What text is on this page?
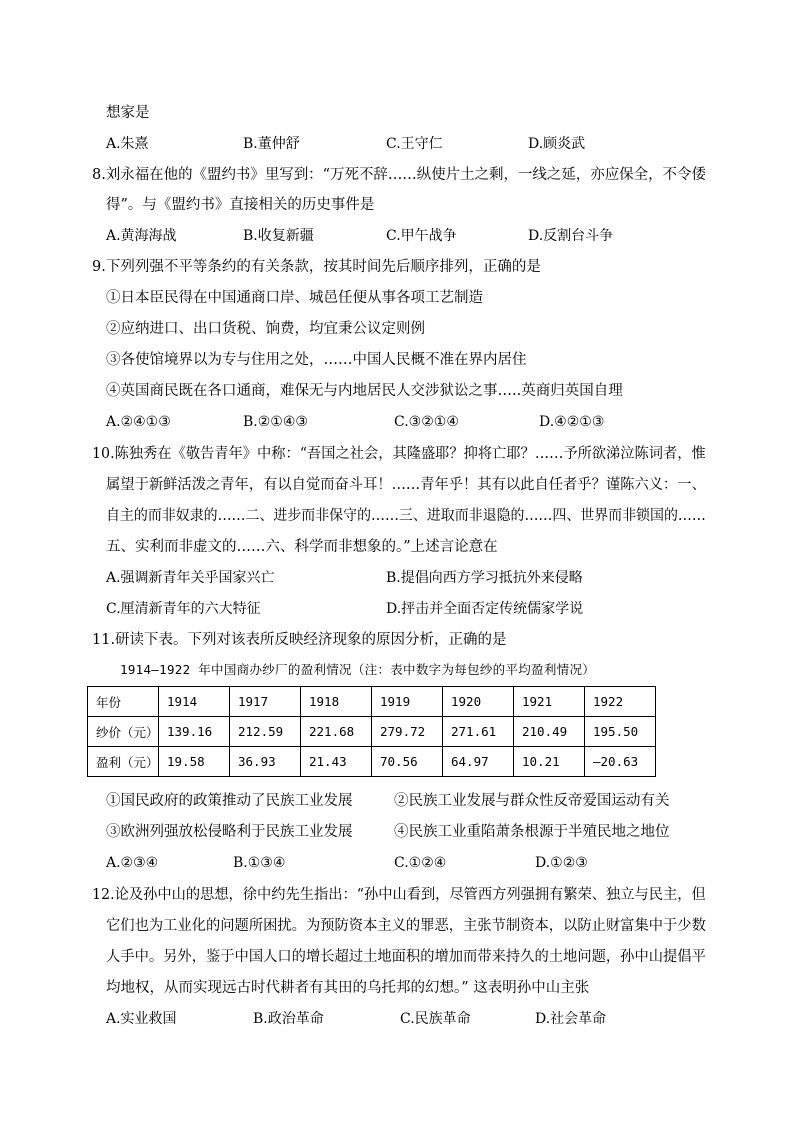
想家是
A.朱熹	B.董仲舒	C.王守仁	D.顾炎武
8.刘永福在他的《盟约书》里写到：“万死不辞……纵使片土之剩，一线之延，亦应保全，不令倭
得”。与《盟约书》直接相关的历史事件是
A.黄海海战	B.收复新疆	C.甲午战争	D.反割台斗争
9.下列列强不平等条约的有关条款，按其时间先后顺序排列，正确的是
①日本臣民得在中国通商口岸、城邑任便从事各项工艺制造
②应纳进口、出口货税、饷费，均宜秉公议定则例
③各使馆境界以为专与住用之处，……中国人民概不准在界内居住
④英国商民既在各口通商，难保无与内地居民人交涉狱讼之事…..英商归英国自理
A.②④①③	B.②①④③	C.③②①④	D.④②①③
10.陈独秀在《敬告青年》中称：“吾国之社会，其隆盛耶？抑将亡耶？……予所欲涕泣陈词者，惟
属望于新鲜活泼之青年，有以自觉而奋斗耳！……青年乎！其有以此自任者乎？谨陈六义：一、
自主的而非奴隶的……二、进步而非保守的……三、进取而非退隐的……四、世界而非锁国的……
五、实利而非虚文的……六、科学而非想象的。”上述言论意在
A.强调新青年关乎国家兴亡	B.提倡向西方学习抵抗外来侵略
C.厘清新青年的六大特征	D.抨击并全面否定传统儒家学说
11.研读下表。下列对该表所反映经济现象的原因分析，正确的是
1914—1922 年中国商办纱厂的盈利情况（注：表中数字为每包纱的平均盈利情况）
年份	1914	1917	1918	1919	1920	1921	1922
纱价（元）	139.16	212.59	221.68	279.72	271.61	210.49	195.50
盈利（元）	19.58	36.93	21.43	70.56	64.97	10.21	—20.63
①国民政府的政策推动了民族工业发展	②民族工业发展与群众性反帝爱国运动有关
③欧洲列强放松侵略利于民族工业发展	④民族工业重陷萧条根源于半殖民地之地位
A.②③④	B.①③④	C.①②④	D.①②③
12.论及孙中山的思想，徐中约先生指出：“孙中山看到，尽管西方列强拥有繁荣、独立与民主，但
它们也为工业化的问题所困扰。为预防资本主义的罪恶，主张节制资本，以防止财富集中于少数
人手中。另外，鉴于中国人口的增长超过土地面积的增加而带来持久的土地问题，孙中山提倡平
均地权，从而实现远古时代耕者有其田的乌托邦的幻想。” 这表明孙中山主张
A.实业救国	B.政治革命	C.民族革命	D.社会革命
